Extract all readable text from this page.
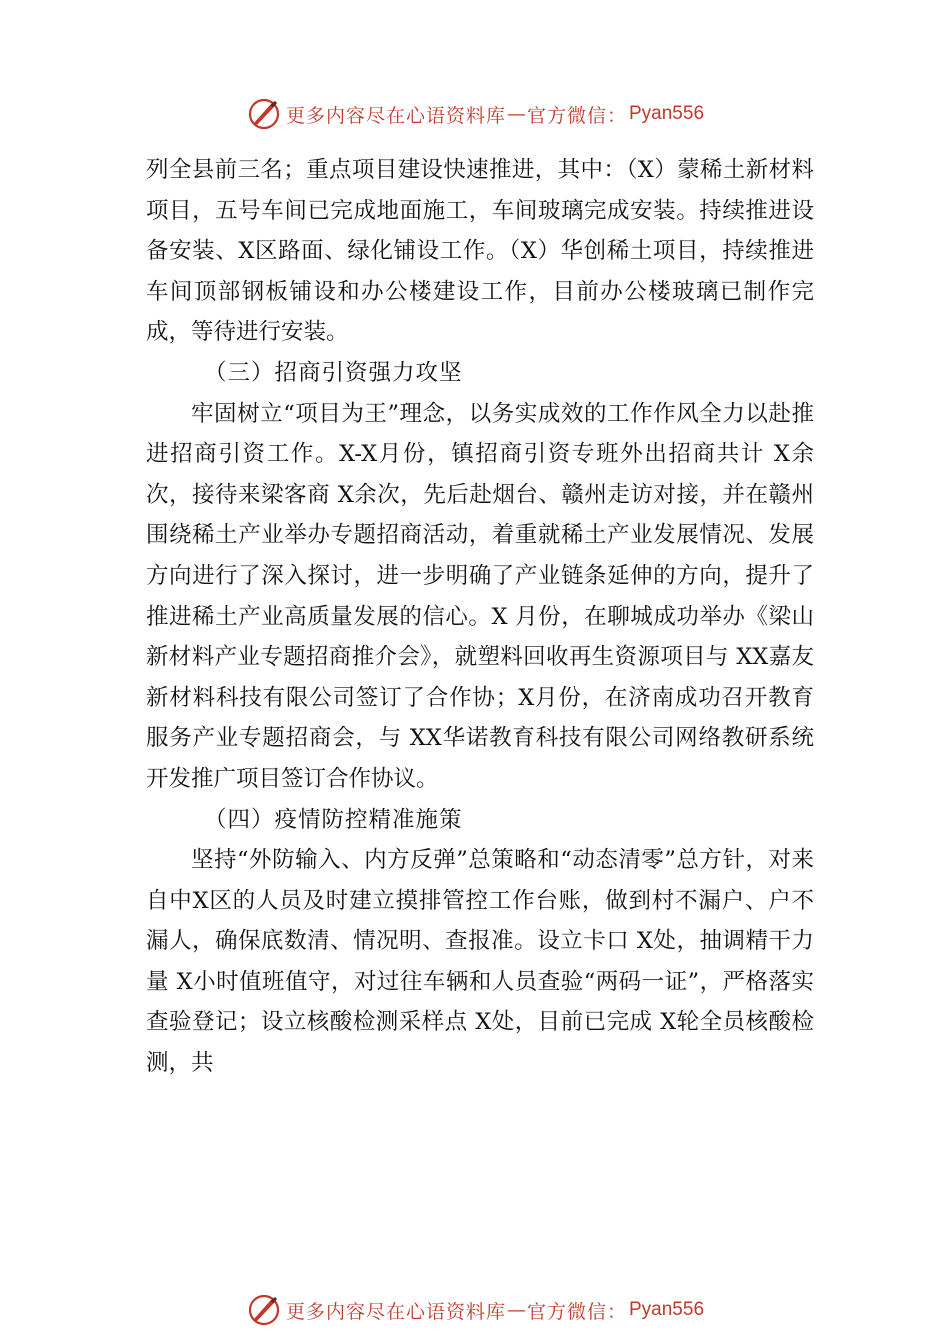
更多内容尽在心语资料库 — 官方微信： Pyan556

列全县前三名；重点项目建设快速推进，其中：（X）蒙稀土新材料项目，五号车间已完成地面施工，车间玻璃完成安装。持续推进设备安装、X区路面、绿化铺设工作。（X）华创稀土项目，持续推进车间顶部钢板铺设和办公楼建设工作，目前办公楼玻璃已制作完成，等待进行安装。

（三）招商引资强力攻坚

牢固树立“项目为王”理念，以务实成效的工作作风全力以赴推进招商引资工作。X-X月份，镇招商引资专班外出招商共计 X余次，接待来梁客商 X余次，先后赴烟台、赣州走访对接，并在赣州围绕稀土产业举办专题招商活动，着重就稀土产业发展情况、发展方向进行了深入探讨，进一步明确了产业链条延伸的方向，提升了推进稀土产业高质量发展的信心。X 月份，在聊城成功举办《梁山新材料产业专题招商推介会》，就塑料回收再生资源项目与 XX嘉友新材料科技有限公司签订了合作协；X月份，在济南成功召开教育服务产业专题招商会，与 XX华诺教育科技有限公司网络教研系统开发推广项目签订合作协议。

（四）疫情防控精准施策

坚持“外防输入、内方反弹”总策略和“动态清零”总方针，对来自中X区的人员及时建立摸排管控工作台账，做到村不漏户、户不漏人，确保底数清、情况明、查报准。设立卡口 X处，抽调精干力量 X小时值班值守，对过往车辆和人员查验“两码一证”，严格落实查验登记；设立核酸检测采样点 X处，目前已完成 X轮全员核酸检测，共

更多内容尽在心语资料库 — 官方微信： Pyan556
